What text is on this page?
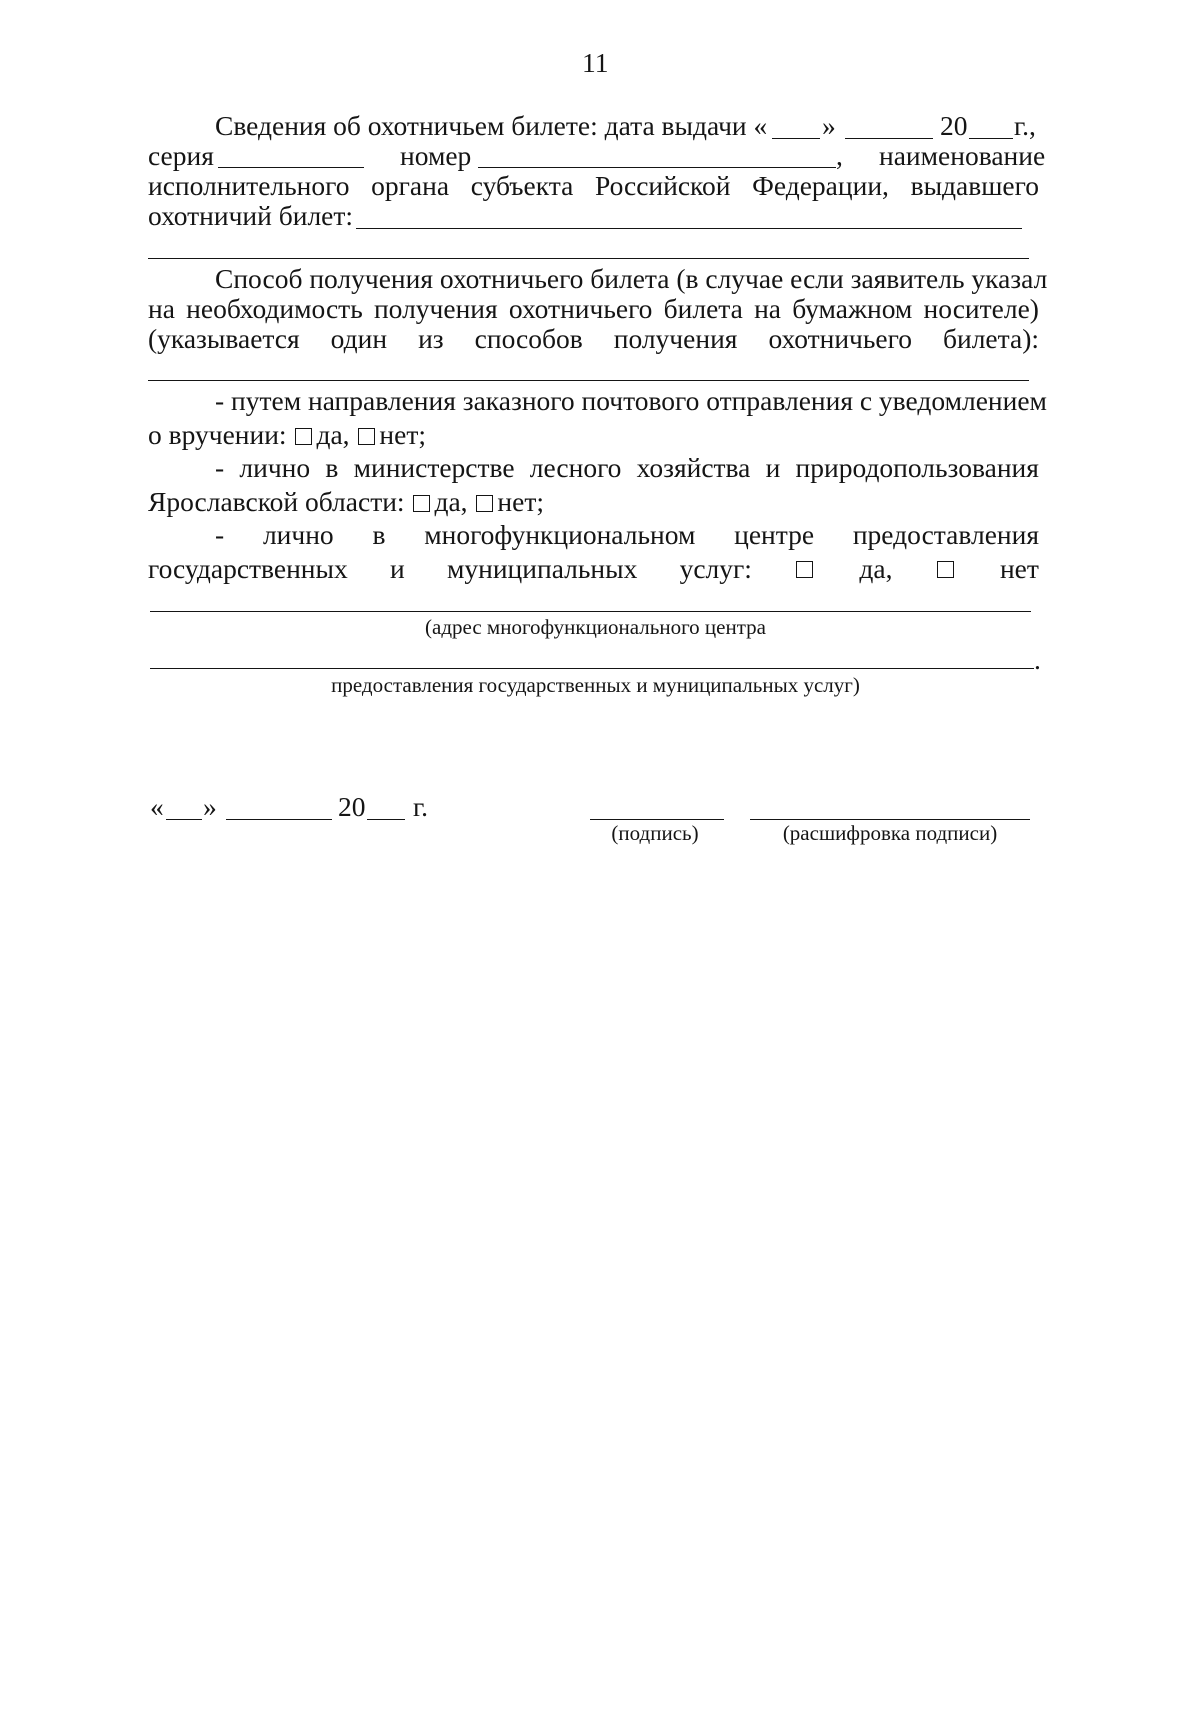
11
Сведения об охотничьем билете: дата выдачи « »	20 г.,
серия	номер	, наименование
исполнительного органа субъекта Российской Федерации, выдавшего
охотничий билет:
Способ получения охотничьего билета (в случае если заявитель указал
на необходимость получения охотничьего билета на бумажном носителе)
(указывается один из способов получения охотничьего билета):
- путем направления заказного почтового отправления с уведомлением
о вручении: да, нет;
- лично в министерстве лесного хозяйства и природопользования
Ярославской области: да, нет;
- лично в многофункциональном центре предоставления
государственных и муниципальных услуг:	да,	нет
(адрес многофункционального центра
.
предоставления государственных и муниципальных услуг)
« »	20 г.
(подпись)	(расшифровка подписи)
